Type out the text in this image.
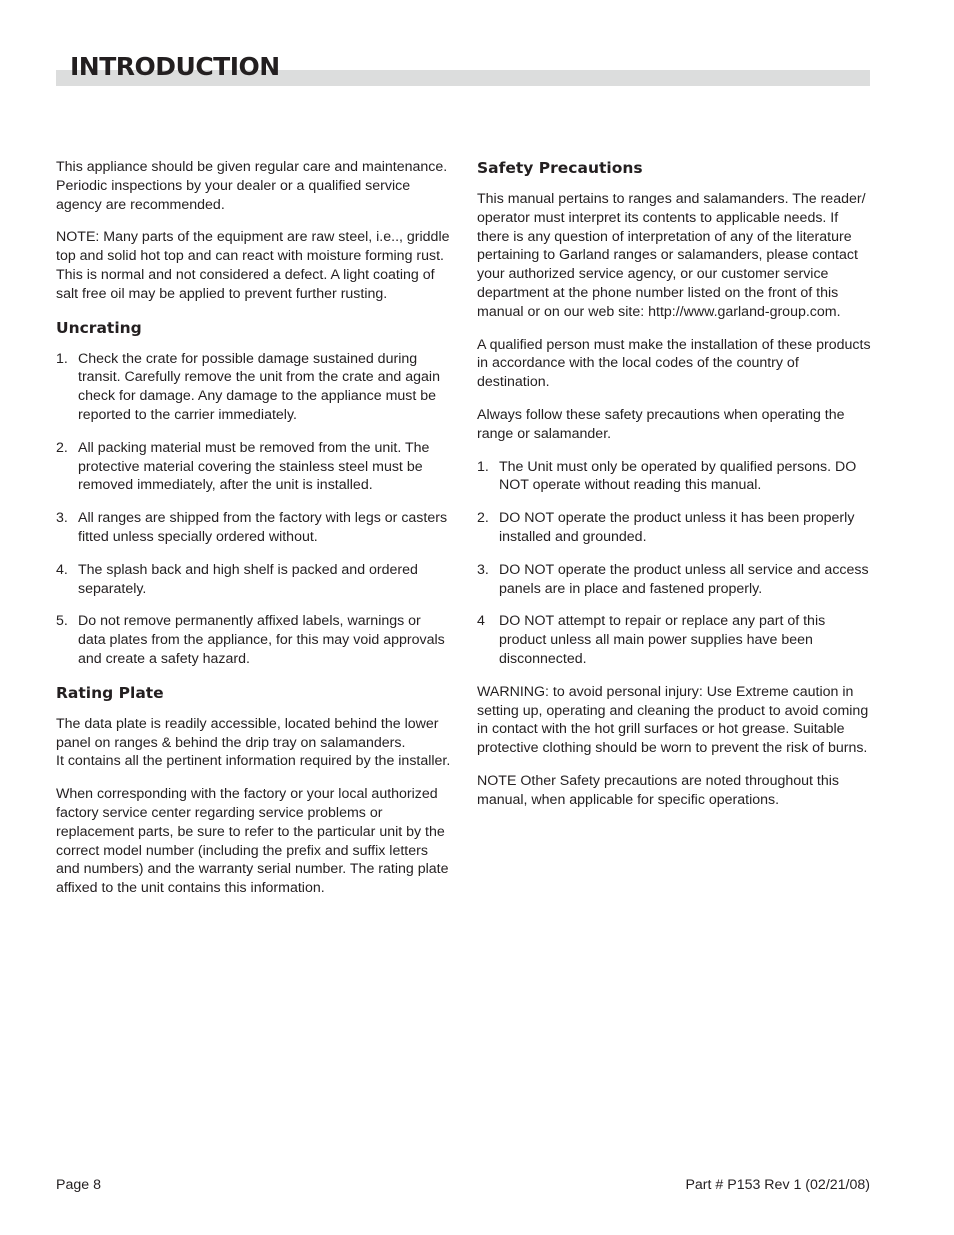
INTRODUCTION

This appliance should be given regular care and maintenance. Periodic inspections by your dealer or a qualified service agency are recommended.

NOTE: Many parts of the equipment are raw steel, i.e.., griddle top and solid hot top and can react with moisture forming rust. This is normal and not considered a defect. A light coating of salt free oil may be applied to prevent further rusting.

Uncrating
1. Check the crate for possible damage sustained during transit. Carefully remove the unit from the crate and again check for damage. Any damage to the appliance must be reported to the carrier immediately.
2. All packing material must be removed from the unit. The protective material covering the stainless steel must be removed immediately, after the unit is installed.
3. All ranges are shipped from the factory with legs or casters fitted unless specially ordered without.
4. The splash back and high shelf is packed and ordered separately.
5. Do not remove permanently affixed labels, warnings or data plates from the appliance, for this may void approvals and create a safety hazard.
Rating Plate

The data plate is readily accessible, located behind the lower panel on ranges & behind the drip tray on salamanders.
It contains all the pertinent information required by the installer.

When corresponding with the factory or your local authorized factory service center regarding service problems or replacement parts, be sure to refer to the particular unit by the correct model number (including the prefix and suffix letters and numbers) and the warranty serial number. The rating plate affixed to the unit contains this information.

Safety Precautions

This manual pertains to ranges and salamanders. The reader/ operator must interpret its contents to applicable needs. If there is any question of interpretation of any of the literature pertaining to Garland ranges or salamanders, please contact your authorized service agency, or our customer service department at the phone number listed on the front of this manual or on our web site: http://www.garland-group.com.

A qualified person must make the installation of these products in accordance with the local codes of the country of destination.

Always follow these safety precautions when operating the range or salamander.

1. The Unit must only be operated by qualified persons. DO NOT operate without reading this manual.
2. DO NOT operate the product unless it has been properly installed and grounded.
3. DO NOT operate the product unless all service and access panels are in place and fastened properly.
4 DO NOT attempt to repair or replace any part of this product unless all main power supplies have been disconnected.

WARNING: to avoid personal injury: Use Extreme caution in setting up, operating and cleaning the product to avoid coming in contact with the hot grill surfaces or hot grease. Suitable protective clothing should be worn to prevent the risk of burns.

NOTE Other Safety precautions are noted throughout this manual, when applicable for specific operations.

Page 8	Part # P153 Rev 1 (02/21/08)
